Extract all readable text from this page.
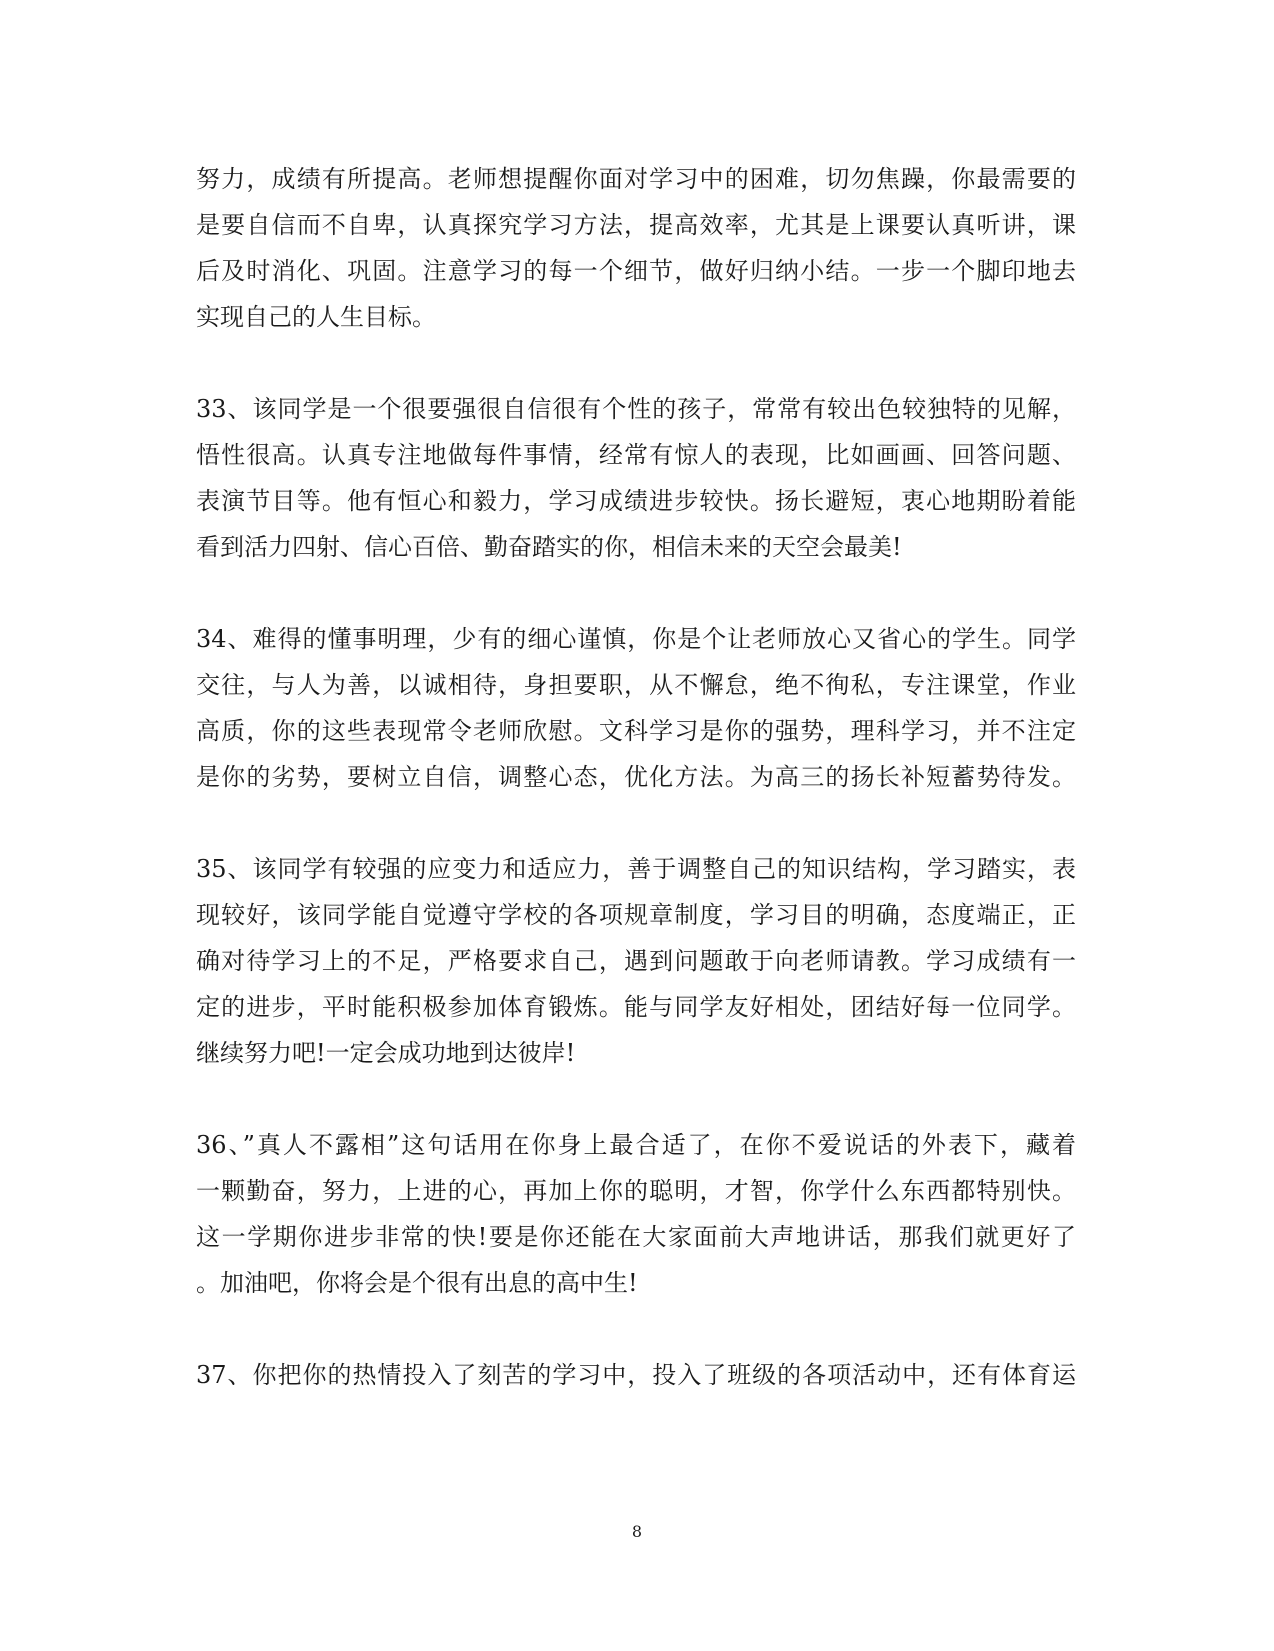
努力，成绩有所提高。老师想提醒你面对学习中的困难，切勿焦躁，你最需要的
是要自信而不自卑，认真探究学习方法，提高效率，尤其是上课要认真听讲，课
后及时消化、巩固。注意学习的每一个细节，做好归纳小结。一步一个脚印地去
实现自己的人生目标。
33、该同学是一个很要强很自信很有个性的孩子，常常有较出色较独特的见解，
悟性很高。认真专注地做每件事情，经常有惊人的表现，比如画画、回答问题、
表演节目等。他有恒心和毅力，学习成绩进步较快。扬长避短，衷心地期盼着能
看到活力四射、信心百倍、勤奋踏实的你，相信未来的天空会最美!
34、难得的懂事明理，少有的细心谨慎，你是个让老师放心又省心的学生。同学
交往，与人为善，以诚相待，身担要职，从不懈怠，绝不徇私，专注课堂，作业
高质，你的这些表现常令老师欣慰。文科学习是你的强势，理科学习，并不注定
是你的劣势，要树立自信，调整心态，优化方法。为高三的扬长补短蓄势待发。
35、该同学有较强的应变力和适应力，善于调整自己的知识结构，学习踏实，表
现较好，该同学能自觉遵守学校的各项规章制度，学习目的明确，态度端正，正
确对待学习上的不足，严格要求自己，遇到问题敢于向老师请教。学习成绩有一
定的进步，平时能积极参加体育锻炼。能与同学友好相处，团结好每一位同学。
继续努力吧!一定会成功地到达彼岸!
36、”真人不露相”这句话用在你身上最合适了，在你不爱说话的外表下，藏着
一颗勤奋，努力，上进的心，再加上你的聪明，才智，你学什么东西都特别快。
这一学期你进步非常的快!要是你还能在大家面前大声地讲话，那我们就更好了
。加油吧，你将会是个很有出息的高中生!
37、你把你的热情投入了刻苦的学习中，投入了班级的各项活动中，还有体育运
8
